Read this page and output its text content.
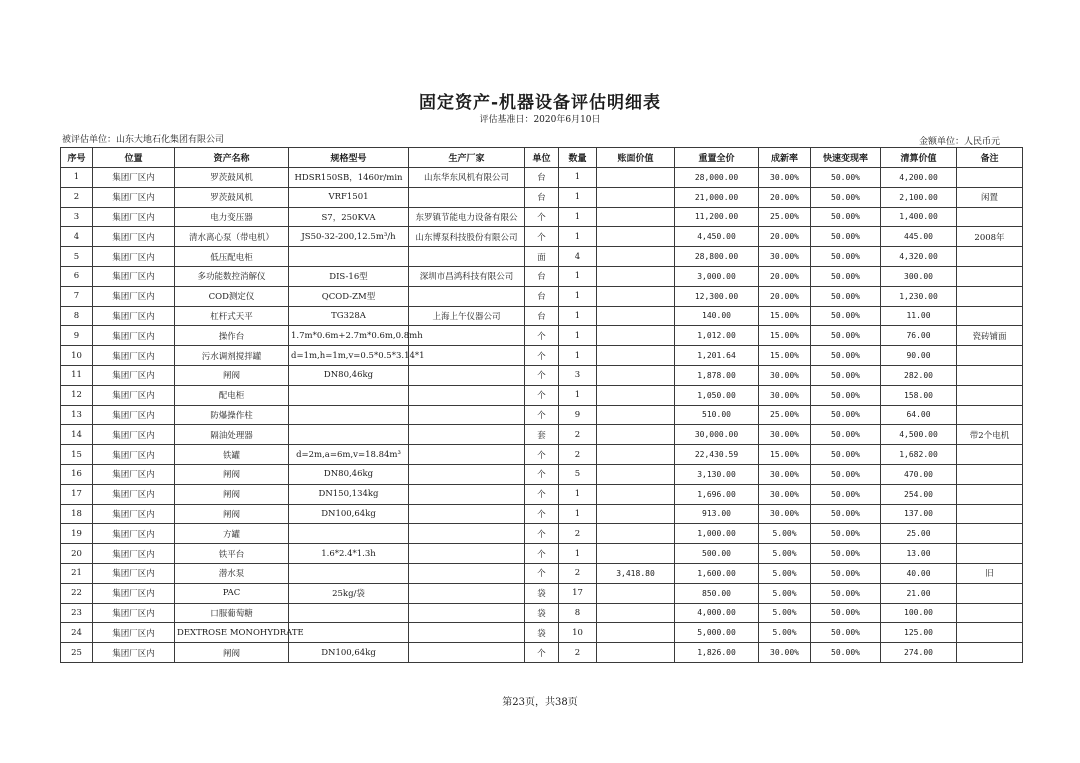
固定资产-机器设备评估明细表
评估基准日：2020年6月10日
被评估单位：山东大地石化集团有限公司	金额单位：人民币元
序号	位置	资产名称	规格型号	生产厂家	单位	数量	账面价值	重置全价	成新率	快速变现率	清算价值	备注
1	集团厂区内	罗茨鼓风机	HDSR150SB，1460r/min	山东华东风机有限公司	台	1		28,000.00	30.00%	50.00%	4,200.00	
2	集团厂区内	罗茨鼓风机	VRF1501		台	1		21,000.00	20.00%	50.00%	2,100.00	闲置
3	集团厂区内	电力变压器	S7，250KVA	东罗镇节能电力设备有限公	个	1		11,200.00	25.00%	50.00%	1,400.00	
4	集团厂区内	清水离心泵（带电机）	JS50-32-200,12.5m³/h	山东博泵科技股份有限公司	个	1		4,450.00	20.00%	50.00%	445.00	2008年
5	集团厂区内	低压配电柜			面	4		28,800.00	30.00%	50.00%	4,320.00	
6	集团厂区内	多功能数控消解仪	DIS-16型	深圳市昌鸿科技有限公司	台	1		3,000.00	20.00%	50.00%	300.00	
7	集团厂区内	COD测定仪	QCOD-ZM型		台	1		12,300.00	20.00%	50.00%	1,230.00	
8	集团厂区内	杠杆式天平	TG328A	上海上午仪器公司	台	1		140.00	15.00%	50.00%	11.00	
9	集团厂区内	操作台	1.7m*0.6m+2.7m*0.6m,0.8mh		个	1		1,012.00	15.00%	50.00%	76.00	瓷砖铺面
10	集团厂区内	污水调剂搅拌罐	d=1m,h=1m,v=0.5*0.5*3.14*1		个	1		1,201.64	15.00%	50.00%	90.00	
11	集团厂区内	闸阀	DN80,46kg		个	3		1,878.00	30.00%	50.00%	282.00	
12	集团厂区内	配电柜			个	1		1,050.00	30.00%	50.00%	158.00	
13	集团厂区内	防爆操作柱			个	9		510.00	25.00%	50.00%	64.00	
14	集团厂区内	隔油处理器			套	2		30,000.00	30.00%	50.00%	4,500.00	带2个电机
15	集团厂区内	铁罐	d=2m,a=6m,v=18.84m³		个	2		22,430.59	15.00%	50.00%	1,682.00	
16	集团厂区内	闸阀	DN80,46kg		个	5		3,130.00	30.00%	50.00%	470.00	
17	集团厂区内	闸阀	DN150,134kg		个	1		1,696.00	30.00%	50.00%	254.00	
18	集团厂区内	闸阀	DN100,64kg		个	1		913.00	30.00%	50.00%	137.00	
19	集团厂区内	方罐			个	2		1,000.00	5.00%	50.00%	25.00	
20	集团厂区内	铁平台	1.6*2.4*1.3h		个	1		500.00	5.00%	50.00%	13.00	
21	集团厂区内	潜水泵			个	2	3,418.80	1,600.00	5.00%	50.00%	40.00	旧
22	集团厂区内	PAC	25kg/袋		袋	17		850.00	5.00%	50.00%	21.00	
23	集团厂区内	口服葡萄糖			袋	8		4,000.00	5.00%	50.00%	100.00	
24	集团厂区内	DEXTROSE MONOHYDRATE			袋	10		5,000.00	5.00%	50.00%	125.00	
25	集团厂区内	闸阀	DN100,64kg		个	2		1,826.00	30.00%	50.00%	274.00	
第23页，共38页
